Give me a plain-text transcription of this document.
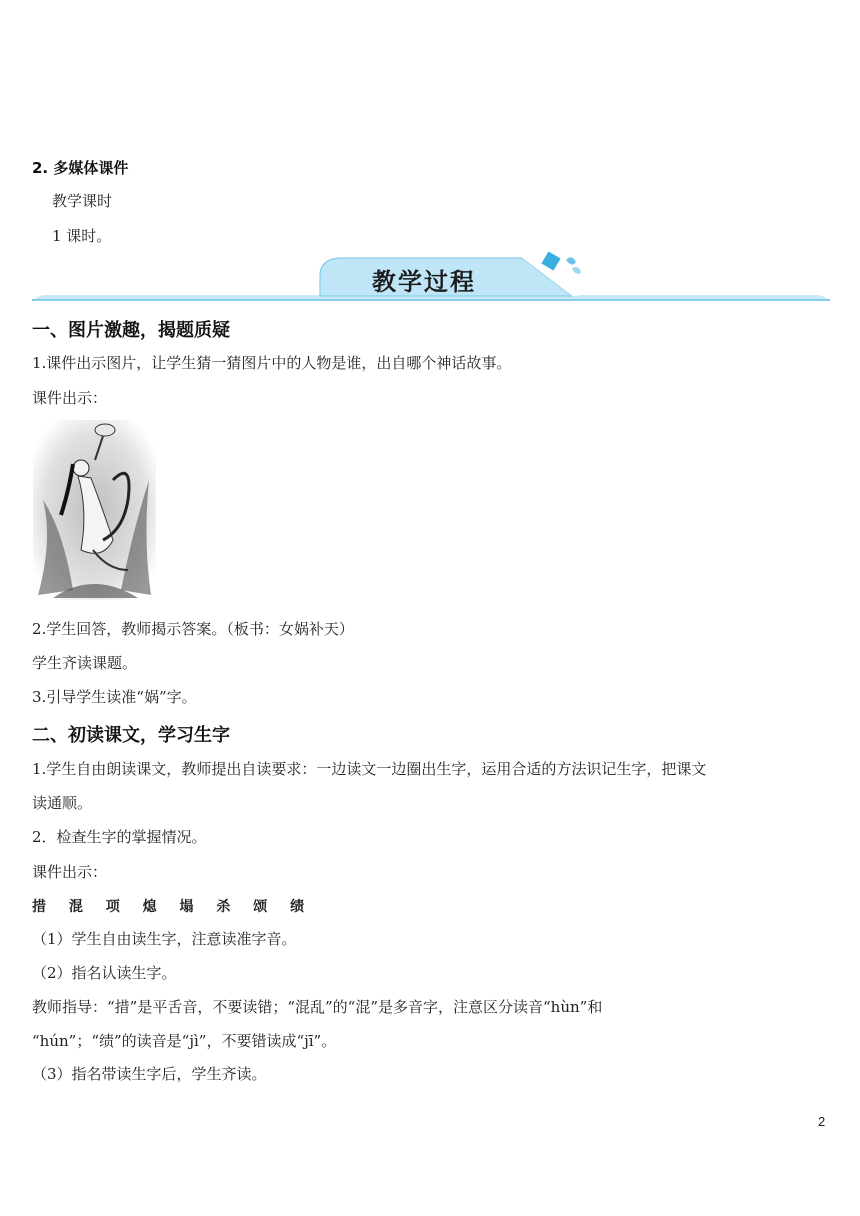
2. 多媒体课件
教学课时
1 课时。
教学过程
一、图片激趣，揭题质疑
1.课件出示图片，让学生猜一猜图片中的人物是谁，出自哪个神话故事。
课件出示：
2.学生回答，教师揭示答案。（板书：女娲补天）
学生齐读课题。
3.引导学生读准“娲”字。
二、初读课文，学习生字
1.学生自由朗读课文，教师提出自读要求：一边读文一边圈出生字，运用合适的方法识记生字，把课文
读通顺。
2．检查生字的掌握情况。
课件出示：
措 混 项 熄 塌 杀 颂 绩
（1）学生自由读生字，注意读准字音。
（2）指名认读生字。
教师指导：“措”是平舌音，不要读错；“混乱”的“混”是多音字，注意区分读音“hùn”和
“hún”；“绩”的读音是“jì”，不要错读成“jī”。
（3）指名带读生字后，学生齐读。
2
